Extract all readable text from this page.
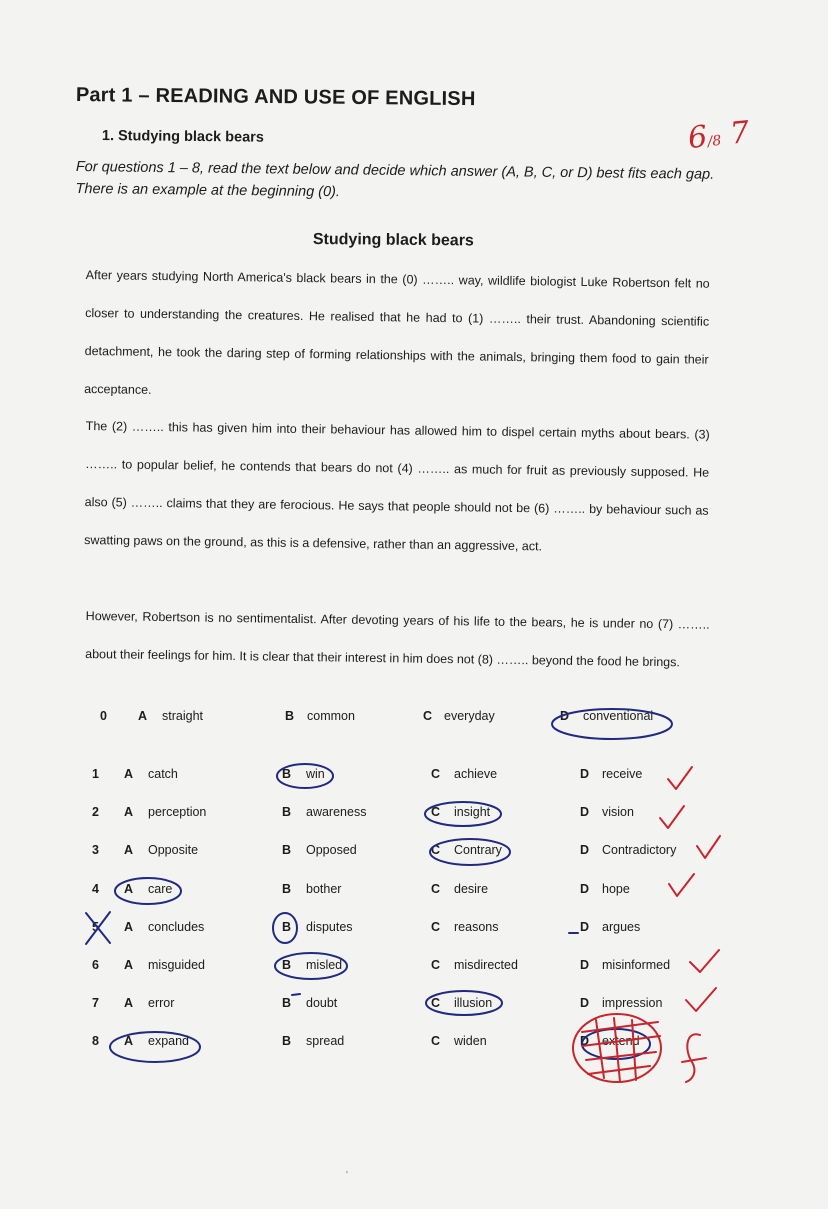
Part 1 – READING AND USE OF ENGLISH
1. Studying black bears
For questions 1 – 8, read the text below and decide which answer (A, B, C, or D) best fits each gap. There is an example at the beginning (0).
6/8 7
Studying black bears

After years studying North America's black bears in the (0) …….. way, wildlife biologist Luke Robertson felt no closer to understanding the creatures. He realised that he had to (1) …….. their trust. Abandoning scientific detachment, he took the daring step of forming relationships with the animals, bringing them food to gain their acceptance.

The (2) …….. this has given him into their behaviour has allowed him to dispel certain myths about bears. (3) …….. to popular belief, he contends that bears do not (4) …….. as much for fruit as previously supposed. He also (5) …….. claims that they are ferocious. He says that people should not be (6) …….. by behaviour such as swatting paws on the ground, as this is a defensive, rather than an aggressive, act.

However, Robertson is no sentimentalist. After devoting years of his life to the bears, he is under no (7) …….. about their feelings for him. It is clear that their interest in him does not (8) …….. beyond the food he brings.

0 A straight	B common	C everyday	D conventional
1 A catch	B win	C achieve	D receive
2 A perception	B awareness	C insight	D vision
3 A Opposite	B Opposed	C Contrary	D Contradictory
4 A care	B bother	C desire	D hope
5 A concludes	B disputes	C reasons	D argues
6 A misguided	B misled	C misdirected	D misinformed
7 A error	B doubt	C illusion	D impression
8 A expand	B spread	C widen	D extend
'
